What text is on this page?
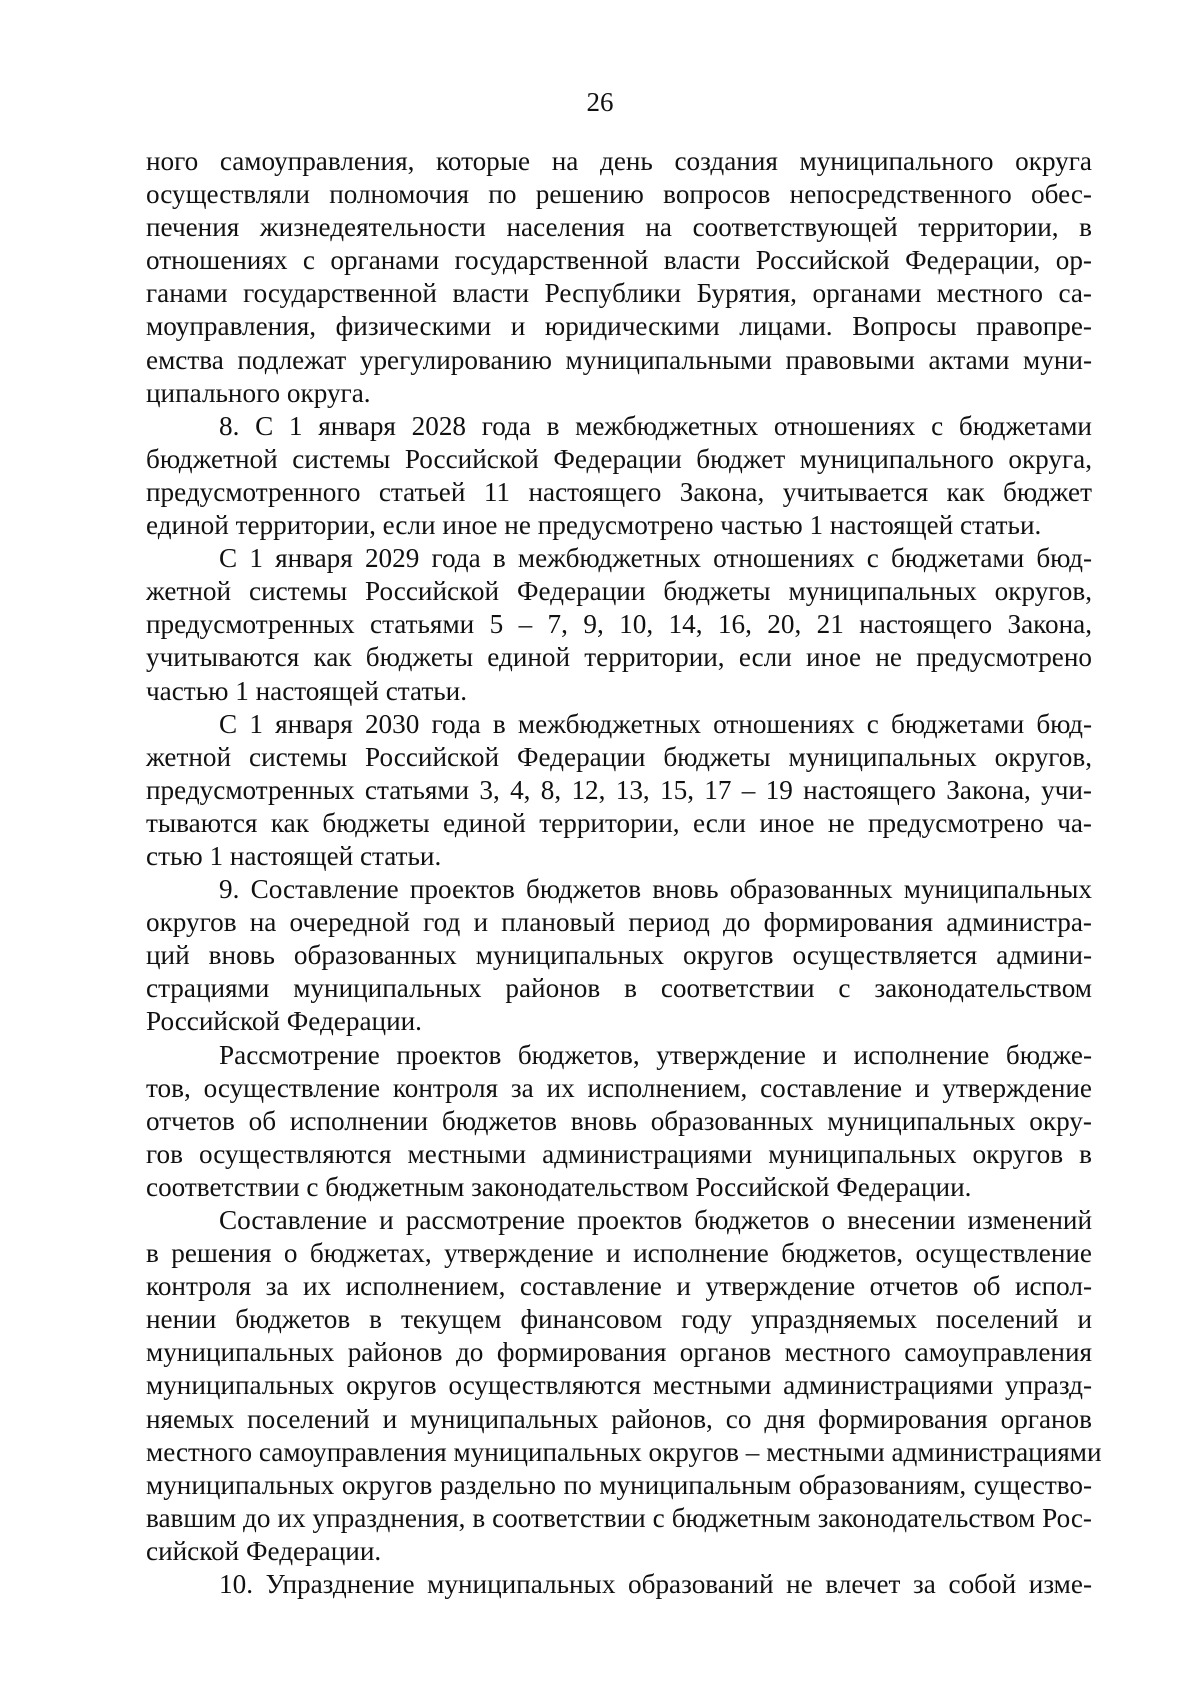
26
ного самоуправления, которые на день создания муниципального округа
осуществляли полномочия по решению вопросов непосредственного обес-
печения жизнедеятельности населения на соответствующей территории, в
отношениях с органами государственной власти Российской Федерации, ор-
ганами государственной власти Республики Бурятия, органами местного са-
моуправления, физическими и юридическими лицами. Вопросы правопре-
емства подлежат урегулированию муниципальными правовыми актами муни-
ципального округа.
8. С 1 января 2028 года в межбюджетных отношениях с бюджетами
бюджетной системы Российской Федерации бюджет муниципального округа,
предусмотренного статьей 11 настоящего Закона, учитывается как бюджет
единой территории, если иное не предусмотрено частью 1 настоящей статьи.
С 1 января 2029 года в межбюджетных отношениях с бюджетами бюд-
жетной системы Российской Федерации бюджеты муниципальных округов,
предусмотренных статьями 5 – 7, 9, 10, 14, 16, 20, 21 настоящего Закона,
учитываются как бюджеты единой территории, если иное не предусмотрено
частью 1 настоящей статьи.
С 1 января 2030 года в межбюджетных отношениях с бюджетами бюд-
жетной системы Российской Федерации бюджеты муниципальных округов,
предусмотренных статьями 3, 4, 8, 12, 13, 15, 17 – 19 настоящего Закона, учи-
тываются как бюджеты единой территории, если иное не предусмотрено ча-
стью 1 настоящей статьи.
9. Составление проектов бюджетов вновь образованных муниципальных
округов на очередной год и плановый период до формирования администра-
ций вновь образованных муниципальных округов осуществляется админи-
страциями муниципальных районов в соответствии с законодательством
Российской Федерации.
Рассмотрение проектов бюджетов, утверждение и исполнение бюдже-
тов, осуществление контроля за их исполнением, составление и утверждение
отчетов об исполнении бюджетов вновь образованных муниципальных окру-
гов осуществляются местными администрациями муниципальных округов в
соответствии с бюджетным законодательством Российской Федерации.
Составление и рассмотрение проектов бюджетов о внесении изменений
в решения о бюджетах, утверждение и исполнение бюджетов, осуществление
контроля за их исполнением, составление и утверждение отчетов об испол-
нении бюджетов в текущем финансовом году упраздняемых поселений и
муниципальных районов до формирования органов местного самоуправления
муниципальных округов осуществляются местными администрациями упразд-
няемых поселений и муниципальных районов, со дня формирования органов
местного самоуправления муниципальных округов – местными администрациями
муниципальных округов раздельно по муниципальным образованиям, существо-
вавшим до их упразднения, в соответствии с бюджетным законодательством Рос-
сийской Федерации.
10. Упразднение муниципальных образований не влечет за собой изме-
